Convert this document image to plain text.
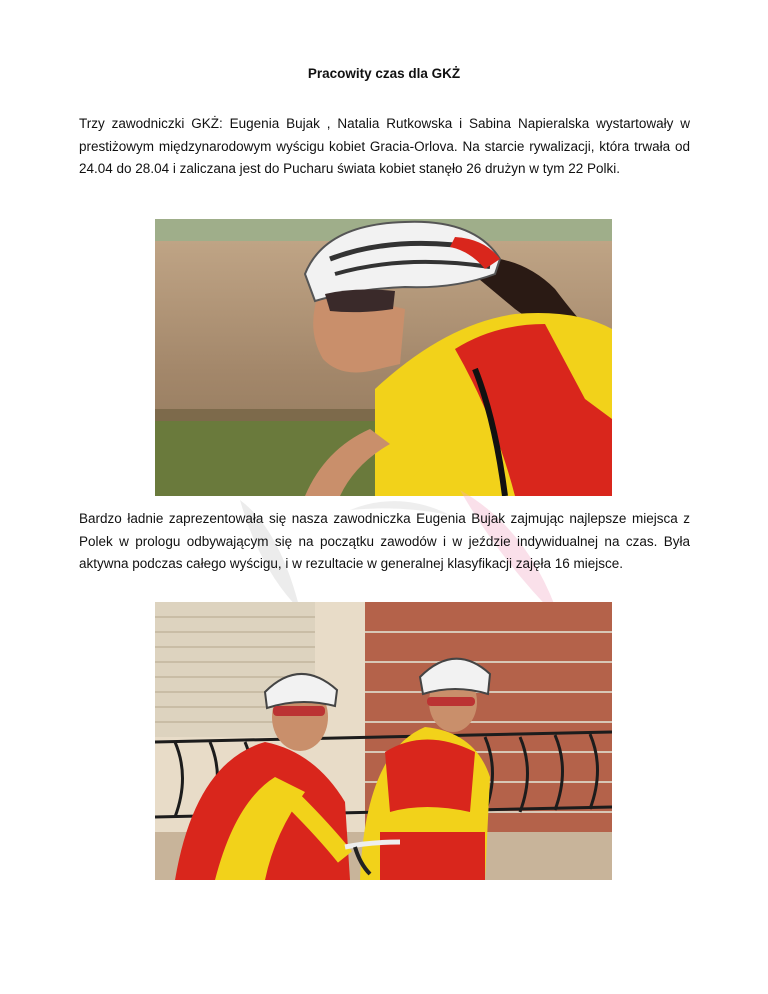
Pracowity czas dla GKŻ

Trzy zawodniczki GKŻ: Eugenia Bujak , Natalia Rutkowska i Sabina Napieralska wystartowały w prestiżowym międzynarodowym wyścigu kobiet Gracia-Orlova. Na starcie rywalizacji, która trwała od 24.04 do 28.04 i zaliczana jest do Pucharu świata kobiet stanęło 26 drużyn w tym 22 Polki.

Bardzo ładnie zaprezentowała się nasza zawodniczka Eugenia Bujak zajmując najlepsze miejsca z Polek w prologu odbywającym się na początku zawodów i w jeździe indywidualnej na czas. Była aktywna podczas całego wyścigu, i w rezultacie w generalnej klasyfikacji zajęła 16 miejsce.
